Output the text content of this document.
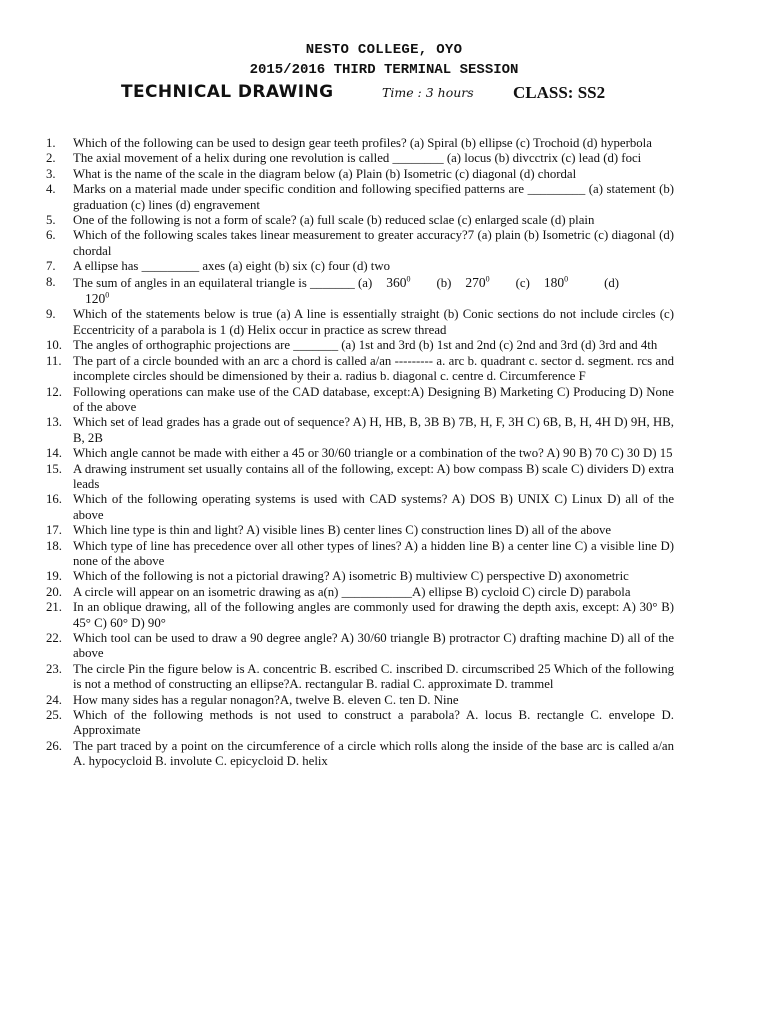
NESTO COLLEGE, OYO
2015/2016 THIRD TERMINAL SESSION
TECHNICAL DRAWING	Time : 3 hours CLASS: SS2
1.	Which of the following can be used to design gear teeth profiles? (a) Spiral (b) ellipse (c) Trochoid (d) hyperbola
2.	The axial movement of a helix during one revolution is called ________ (a) locus (b) divcctrix (c) lead (d) foci
3.	What is the name of the scale in the diagram below (a) Plain (b) Isometric (c) diagonal (d) chordal
4.	Marks on a material made under specific condition and following specified patterns are _________ (a) statement (b) graduation (c) lines (d) engravement
5.	One of the following is not a form of scale? (a) full scale (b) reduced sclae (c) enlarged scale (d) plain
6.	Which of the following scales takes linear measurement to greater accuracy?7 (a) plain (b) Isometric (c) diagonal (d) chordal
7.	A ellipse has _________ axes (a) eight (b) six (c) four (d) two
8.	The sum of angles in an equilateral triangle is _______ (a) $360^0$ (b) $270^0$ (c) $180^0$	(d)
$120^0$
9.	Which of the statements below is true (a) A line is essentially straight (b) Conic sections do not include circles (c) Eccentricity of a parabola is 1 (d) Helix occur in practice as screw thread
10. The angles of orthographic projections are _______ (a) 1st and 3rd (b) 1st and 2nd (c) 2nd and 3rd (d) 3rd and 4th
11. The part of a circle bounded with an arc a chord is called a/an --------- a. arc b. quadrant c. sector d. segment. rcs and incomplete circles should be dimensioned by their a. radius b. diagonal c. centre d. Circumference F
12. Following operations can make use of the CAD database, except:A) Designing B) Marketing C) Producing D) None of the above
13. Which set of lead grades has a grade out of sequence? A) H, HB, B, 3B B) 7B, H, F, 3H C) 6B, B, H, 4H D) 9H, HB, B, 2B
14. Which angle cannot be made with either a 45 or 30/60 triangle or a combination of the two? A) 90 B) 70 C) 30 D) 15
15. A drawing instrument set usually contains all of the following, except: A) bow compass B) scale C) dividers D) extra leads
16. Which of the following operating systems is used with CAD systems? A) DOS B) UNIX C) Linux D) all of the above
17. Which line type is thin and light? A) visible lines B) center lines C) construction lines D) all of the above
18. Which type of line has precedence over all other types of lines? A) a hidden line B) a center line C) a visible line D) none of the above
19. Which of the following is not a pictorial drawing? A) isometric B) multiview C) perspective D) axonometric
20. A circle will appear on an isometric drawing as a(n) ___________A) ellipse B) cycloid C) circle D) parabola
21. In an oblique drawing, all of the following angles are commonly used for drawing the depth axis, except: A) 30° B) 45° C) 60° D) 90°
22. Which tool can be used to draw a 90 degree angle? A) 30/60 triangle B) protractor C) drafting machine D) all of the above
23. The circle Pin the figure below is A. concentric B. escribed C. inscribed D. circumscribed 25 Which of the following is not a method of constructing an ellipse?A. rectangular B. radial C. approximate D. trammel
24. How many sides has a regular nonagon?A, twelve B. eleven C. ten D. Nine
25. Which of the following methods is not used to construct a parabola? A. locus B. rectangle C. envelope D. Approximate
26. The part traced by a point on the circumference of a circle which rolls along the inside of the base arc is called a/an A. hypocycloid B. involute C. epicycloid D. helix
